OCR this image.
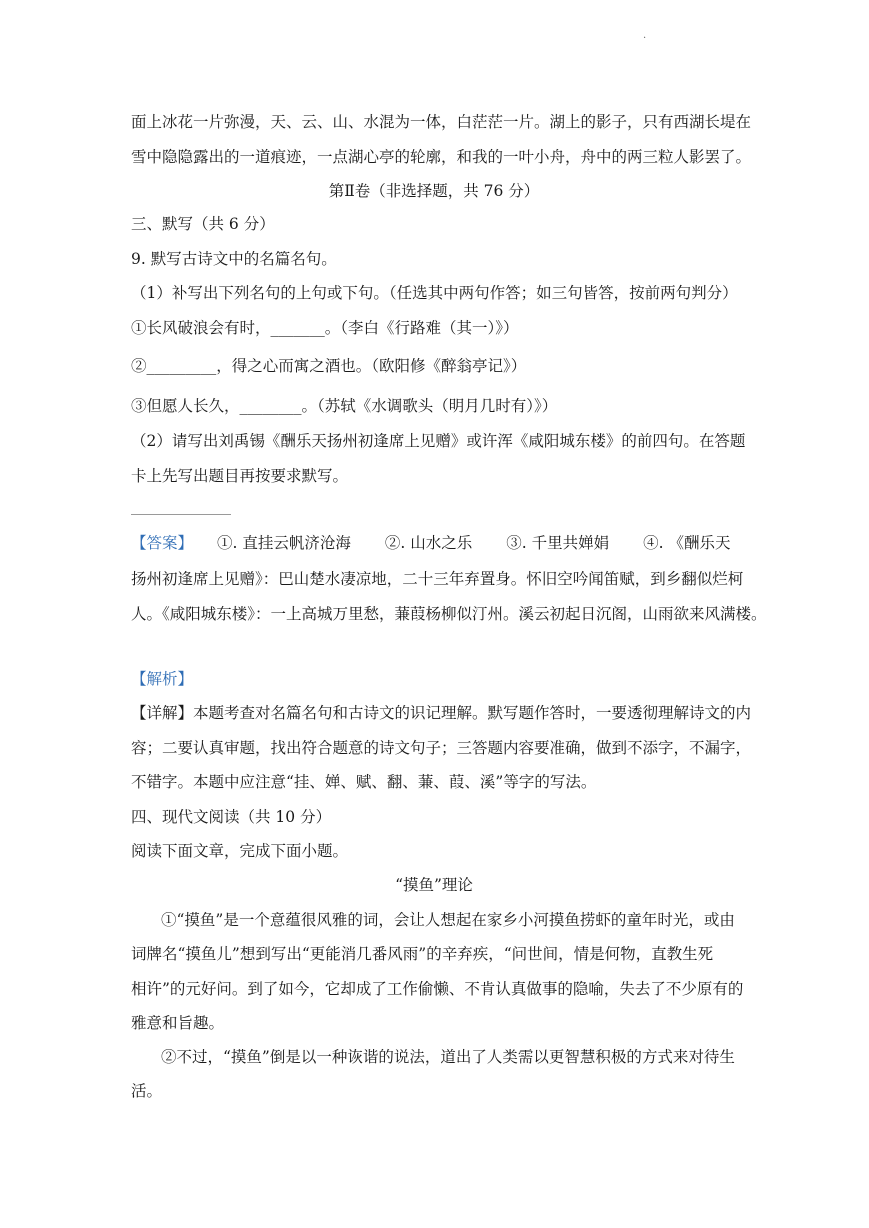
.
面上冰花一片弥漫，天、云、山、水混为一体，白茫茫一片。湖上的影子，只有西湖长堤在
雪中隐隐露出的一道痕迹，一点湖心亭的轮廓，和我的一叶小舟，舟中的两三粒人影罢了。
第Ⅱ卷（非选择题，共 76 分）
三、默写（共 6 分）
9. 默写古诗文中的名篇名句。
（1）补写出下列名句的上句或下句。（任选其中两句作答；如三句皆答，按前两句判分）
①长风破浪会有时，_______。（李白《行路难（其一）》）
②_________，得之心而寓之酒也。（欧阳修《醉翁亭记》）
③但愿人长久，________。（苏轼《水调歌头（明月几时有）》）
（2）请写出刘禹锡《酬乐天扬州初逢席上见赠》或许浑《咸阳城东楼》的前四句。在答题
卡上先写出题目再按要求默写。
【答案】 ①. 直挂云帆济沧海 ②. 山水之乐 ③. 千里共婵娟 ④. 《酬乐天
扬州初逢席上见赠》：巴山楚水凄凉地，二十三年弃置身。怀旧空吟闻笛赋，到乡翻似烂柯
人。《咸阳城东楼》：一上高城万里愁，蒹葭杨柳似汀州。溪云初起日沉阁，山雨欲来风满楼。
【解析】
【详解】本题考查对名篇名句和古诗文的识记理解。默写题作答时，一要透彻理解诗文的内
容；二要认真审题，找出符合题意的诗文句子；三答题内容要准确，做到不添字，不漏字，
不错字。本题中应注意“挂、婵、赋、翻、蒹、葭、溪”等字的写法。
四、现代文阅读（共 10 分）
阅读下面文章，完成下面小题。
“摸鱼”理论
①“摸鱼”是一个意蕴很风雅的词，会让人想起在家乡小河摸鱼捞虾的童年时光，或由
词牌名“摸鱼儿”想到写出“更能消几番风雨”的辛弃疾，“问世间，情是何物，直教生死
相许”的元好问。到了如今，它却成了工作偷懒、不肯认真做事的隐喻，失去了不少原有的
雅意和旨趣。
②不过，“摸鱼”倒是以一种诙谐的说法，道出了人类需以更智慧积极的方式来对待生
活。
